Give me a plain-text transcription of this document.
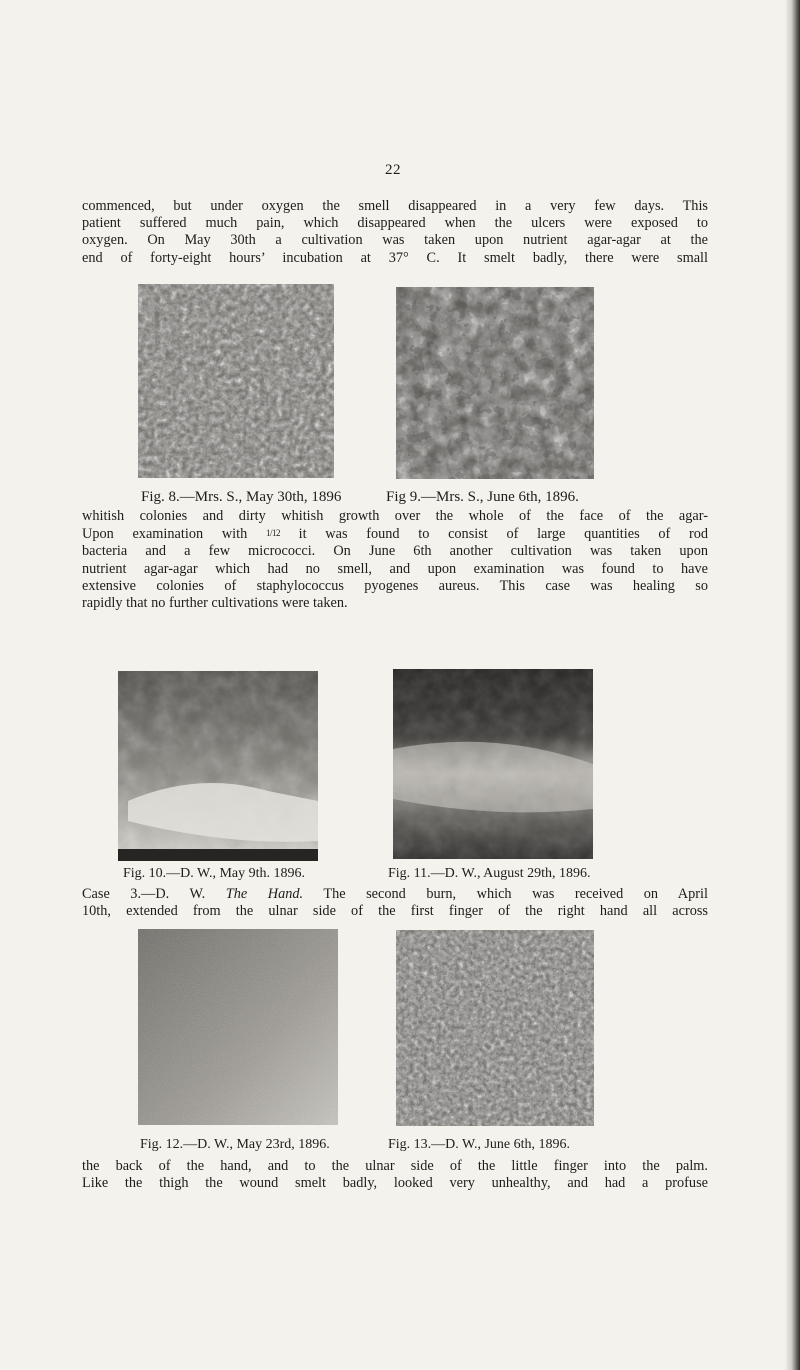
22
commenced, but under oxygen the smell disappeared in a very few days. This
patient suffered much pain, which disappeared when the ulcers were exposed to
oxygen. On May 30th a cultivation was taken upon nutrient agar-agar at the
end of forty-eight hours’ incubation at 37° C. It smelt badly, there were small
Fig. 8.—Mrs. S., May 30th, 1896	Fig 9.—Mrs. S., June 6th, 1896.
whitish colonies and dirty whitish growth over the whole of the face of the agar-
Upon examination with 1/12 it was found to consist of large quantities of rod
bacteria and a few micrococci. On June 6th another cultivation was taken upon
nutrient agar-agar which had no smell, and upon examination was found to have
extensive colonies of staphylococcus pyogenes aureus. This case was healing so
rapidly that no further cultivations were taken.
Fig. 10.—D. W., May 9th. 1896.	Fig. 11.—D. W., August 29th, 1896.
Case 3.—D. W. The Hand. The second burn, which was received on April
10th, extended from the ulnar side of the first finger of the right hand all across
Fig. 12.—D. W., May 23rd, 1896.	Fig. 13.—D. W., June 6th, 1896.
the back of the hand, and to the ulnar side of the little finger into the palm.
Like the thigh the wound smelt badly, looked very unhealthy, and had a profuse
